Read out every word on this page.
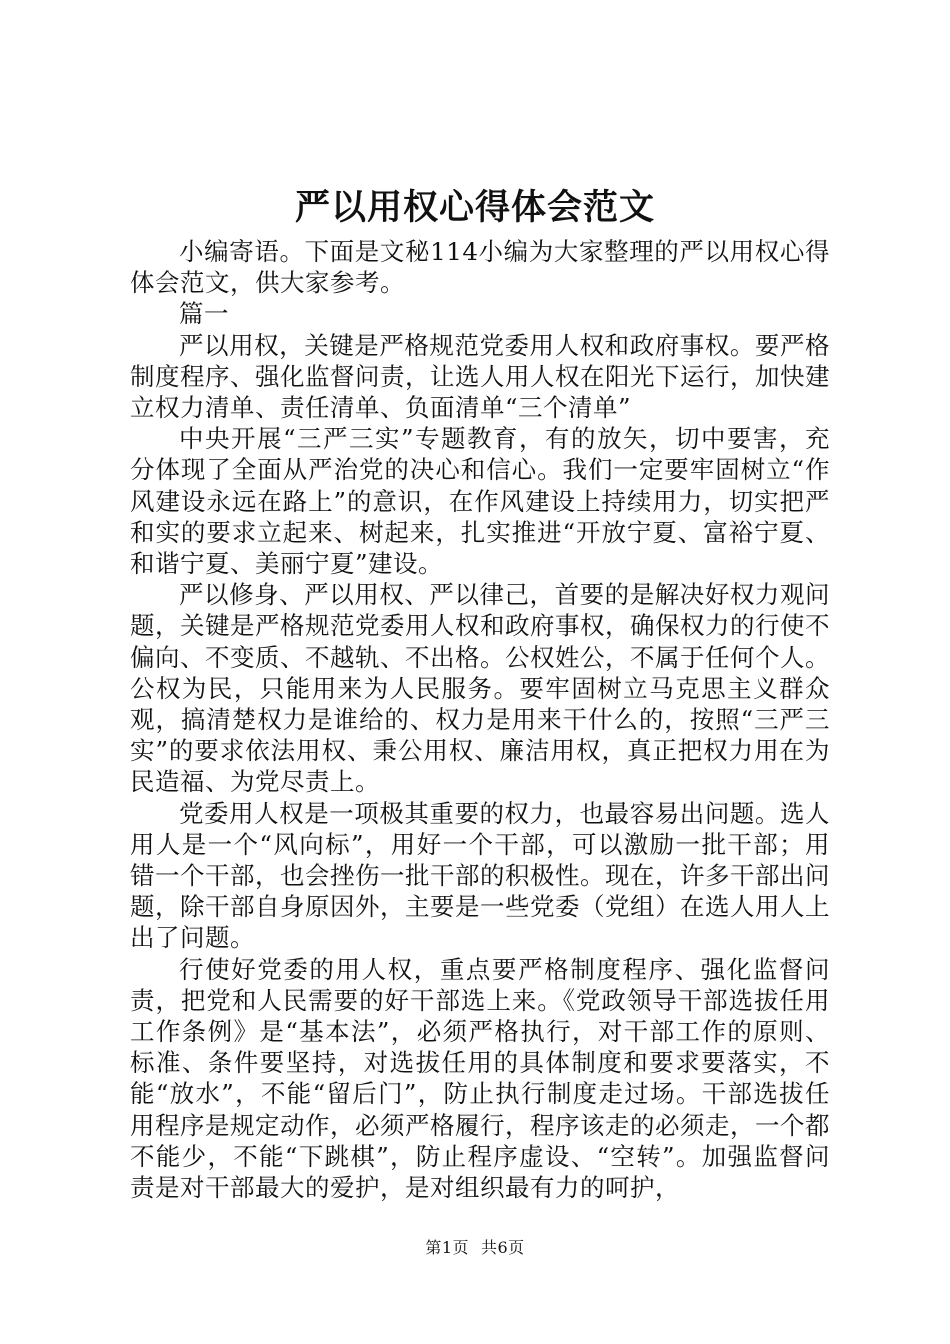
严以用权心得体会范文

小编寄语。下面是文秘114小编为大家整理的严以用权心得体会范文，供大家参考。

篇一

严以用权，关键是严格规范党委用人权和政府事权。要严格制度程序、强化监督问责，让选人用人权在阳光下运行，加快建立权力清单、责任清单、负面清单“三个清单”

中央开展“三严三实”专题教育，有的放矢，切中要害，充分体现了全面从严治党的决心和信心。我们一定要牢固树立“作风建设永远在路上”的意识，在作风建设上持续用力，切实把严和实的要求立起来、树起来，扎实推进“开放宁夏、富裕宁夏、和谐宁夏、美丽宁夏”建设。

严以修身、严以用权、严以律己，首要的是解决好权力观问题，关键是严格规范党委用人权和政府事权，确保权力的行使不偏向、不变质、不越轨、不出格。公权姓公，不属于任何个人。公权为民，只能用来为人民服务。要牢固树立马克思主义群众观，搞清楚权力是谁给的、权力是用来干什么的，按照“三严三实”的要求依法用权、秉公用权、廉洁用权，真正把权力用在为民造福、为党尽责上。

党委用人权是一项极其重要的权力，也最容易出问题。选人用人是一个“风向标”，用好一个干部，可以激励一批干部；用错一个干部，也会挫伤一批干部的积极性。现在，许多干部出问题，除干部自身原因外，主要是一些党委（党组）在选人用人上出了问题。

行使好党委的用人权，重点要严格制度程序、强化监督问责，把党和人民需要的好干部选上来。《党政领导干部选拔任用工作条例》是“基本法”，必须严格执行，对干部工作的原则、标准、条件要坚持，对选拔任用的具体制度和要求要落实，不能“放水”，不能“留后门”，防止执行制度走过场。干部选拔任用程序是规定动作，必须严格履行，程序该走的必须走，一个都不能少，不能“下跳棋”，防止程序虚设、“空转”。加强监督问责是对干部最大的爱护，是对组织最有力的呵护，

第1页 共6页
